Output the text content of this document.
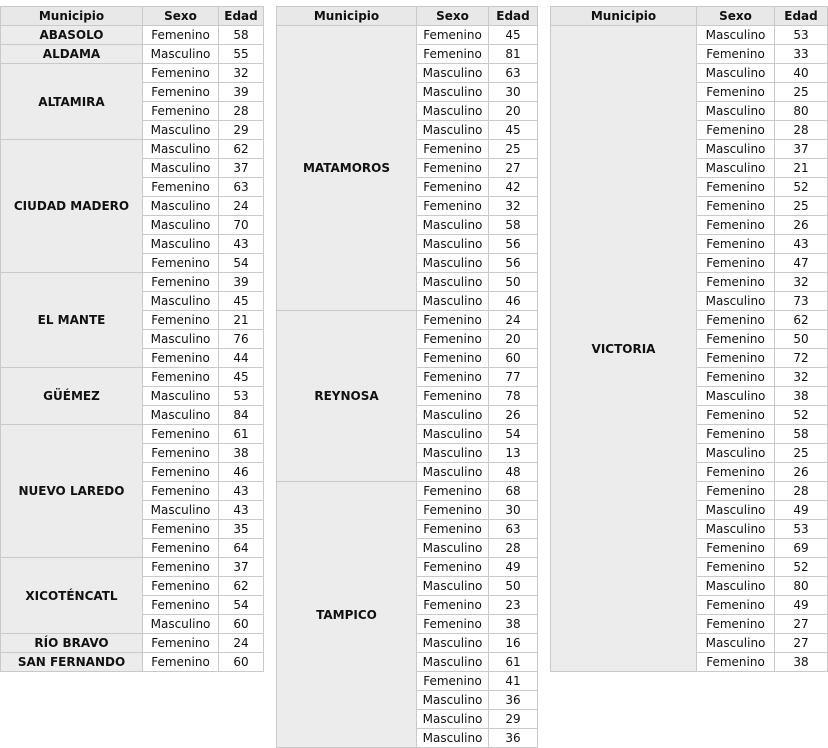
Municipio	Sexo	Edad
ABASOLO	Femenino	58
ALDAMA	Masculino	55
ALTAMIRA	Femenino	32
	Femenino	39
	Femenino	28
	Masculino	29
CIUDAD MADERO	Masculino	62
	Masculino	37
	Femenino	63
	Masculino	24
	Masculino	70
	Masculino	43
	Femenino	54
EL MANTE	Femenino	39
	Masculino	45
	Femenino	21
	Masculino	76
	Femenino	44
GÜÉMEZ	Femenino	45
	Masculino	53
	Masculino	84
NUEVO LAREDO	Femenino	61
	Femenino	38
	Femenino	46
	Femenino	43
	Masculino	43
	Femenino	35
	Femenino	64
XICOTÉNCATL	Femenino	37
	Femenino	62
	Femenino	54
	Masculino	60
RÍO BRAVO	Femenino	24
SAN FERNANDO	Femenino	60
Municipio	Sexo	Edad
MATAMOROS	Femenino	45
	Femenino	81
	Masculino	63
	Masculino	30
	Masculino	20
	Masculino	45
	Femenino	25
	Femenino	27
	Femenino	42
	Femenino	32
	Masculino	58
	Masculino	56
	Masculino	56
	Masculino	50
	Masculino	46
REYNOSA	Femenino	24
	Femenino	20
	Femenino	60
	Femenino	77
	Femenino	78
	Masculino	26
	Masculino	54
	Masculino	13
	Masculino	48
TAMPICO	Femenino	68
	Femenino	30
	Femenino	63
	Masculino	28
	Femenino	49
	Masculino	50
	Femenino	23
	Femenino	38
	Masculino	16
	Masculino	61
	Femenino	41
	Masculino	36
	Masculino	29
	Masculino	36
Municipio	Sexo	Edad
VICTORIA	Masculino	53
	Femenino	33
	Masculino	40
	Femenino	25
	Masculino	80
	Femenino	28
	Masculino	37
	Masculino	21
	Femenino	52
	Femenino	25
	Femenino	26
	Femenino	43
	Femenino	47
	Femenino	32
	Masculino	73
	Femenino	62
	Femenino	50
	Femenino	72
	Femenino	32
	Masculino	38
	Femenino	52
	Femenino	58
	Masculino	25
	Femenino	26
	Femenino	28
	Masculino	49
	Masculino	53
	Femenino	69
	Femenino	52
	Masculino	80
	Femenino	49
	Femenino	27
	Masculino	27
	Femenino	38
